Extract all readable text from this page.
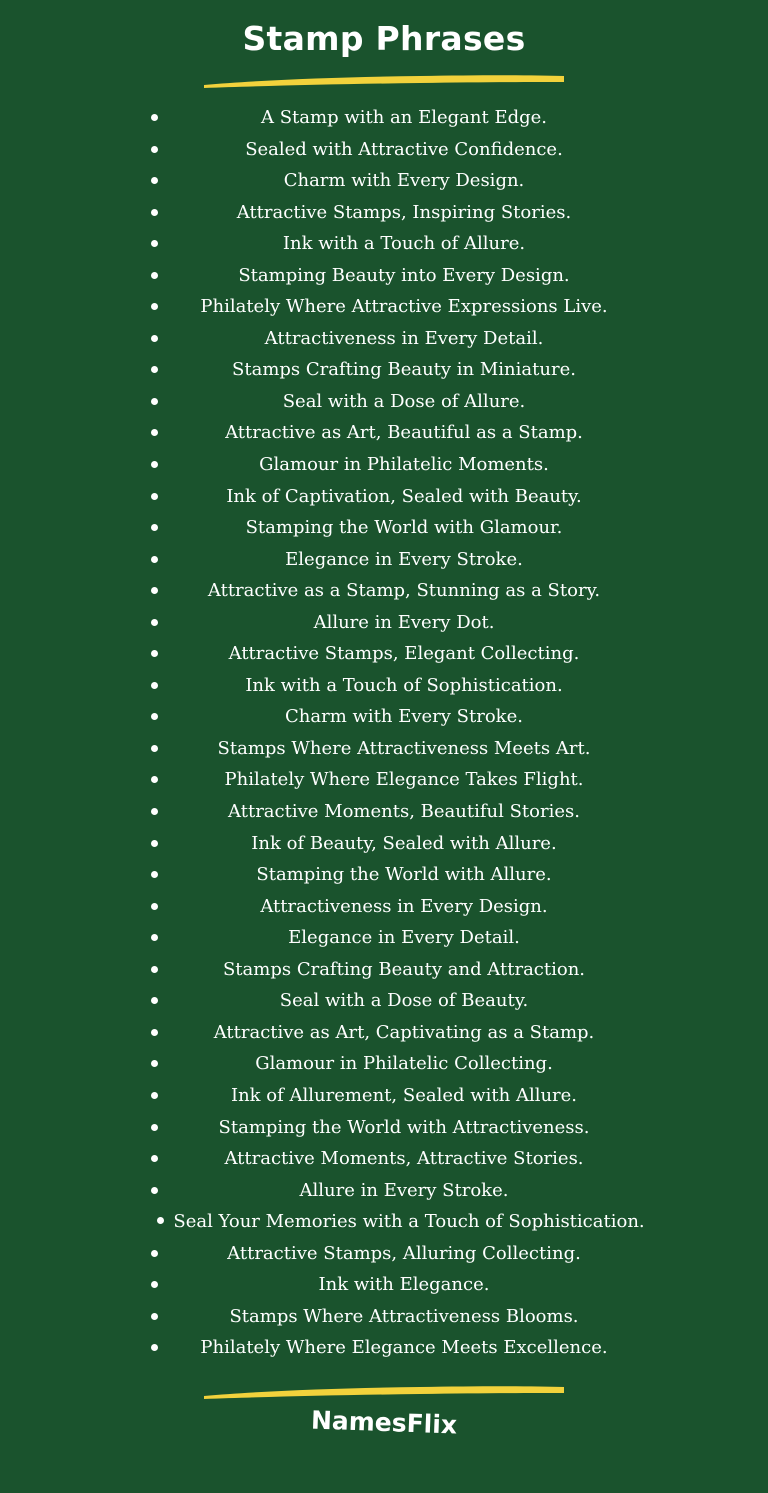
Stamp Phrases
A Stamp with an Elegant Edge.
Sealed with Attractive Confidence.
Charm with Every Design.
Attractive Stamps, Inspiring Stories.
Ink with a Touch of Allure.
Stamping Beauty into Every Design.
Philately Where Attractive Expressions Live.
Attractiveness in Every Detail.
Stamps Crafting Beauty in Miniature.
Seal with a Dose of Allure.
Attractive as Art, Beautiful as a Stamp.
Glamour in Philatelic Moments.
Ink of Captivation, Sealed with Beauty.
Stamping the World with Glamour.
Elegance in Every Stroke.
Attractive as a Stamp, Stunning as a Story.
Allure in Every Dot.
Attractive Stamps, Elegant Collecting.
Ink with a Touch of Sophistication.
Charm with Every Stroke.
Stamps Where Attractiveness Meets Art.
Philately Where Elegance Takes Flight.
Attractive Moments, Beautiful Stories.
Ink of Beauty, Sealed with Allure.
Stamping the World with Allure.
Attractiveness in Every Design.
Elegance in Every Detail.
Stamps Crafting Beauty and Attraction.
Seal with a Dose of Beauty.
Attractive as Art, Captivating as a Stamp.
Glamour in Philatelic Collecting.
Ink of Allurement, Sealed with Allure.
Stamping the World with Attractiveness.
Attractive Moments, Attractive Stories.
Allure in Every Stroke.
Seal Your Memories with a Touch of Sophistication.
Attractive Stamps, Alluring Collecting.
Ink with Elegance.
Stamps Where Attractiveness Blooms.
Philately Where Elegance Meets Excellence.
NamesFlix
